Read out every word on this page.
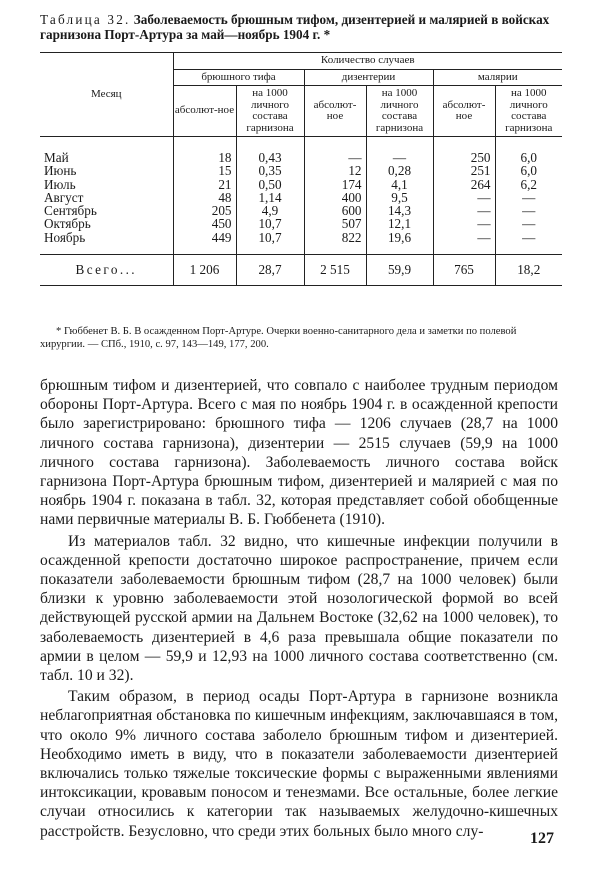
Таблица 32. Заболеваемость брюшным тифом, дизентерией и малярией в войсках гарнизона Порт-Артура за май—ноябрь 1904 г. *
Месяц	Количество случаев					
	брюшного тифа		дизентерии		малярии	
	абсолют-ное	на 1000 личного состава гарнизона	абсолют-ное	на 1000 личного состава гарнизона	абсолют-ное	на 1000 личного состава гарнизона

Май	18	0,43	—	—	250	6,0
Июнь	15	0,35	12	0,28	251	6,0
Июль	21	0,50	174	4,1	264	6,2
Август	48	1,14	400	9,5	—	—
Сентябрь	205	4,9	600	14,3	—	—
Октябрь	450	10,7	507	12,1	—	—
Ноябрь	449	10,7	822	19,6	—	—

Всего...	1 206	28,7	2 515	59,9	765	18,2
* Гюббенет В. Б. В осажденном Порт-Артуре. Очерки военно-санитарного дела и заметки по полевой хирургии. — СПб., 1910, с. 97, 143—149, 177, 200.

брюшным тифом и дизентерией, что совпало с наиболее трудным периодом обороны Порт-Артура. Всего с мая по ноябрь 1904 г. в осажденной крепости было зарегистрировано: брюшного тифа — 1206 случаев (28,7 на 1000 личного состава гарнизона), дизентерии — 2515 случаев (59,9 на 1000 личного состава гарнизона). Заболеваемость личного состава войск гарнизона Порт-Артура брюшным тифом, дизентерией и малярией с мая по ноябрь 1904 г. показана в табл. 32, которая представляет собой обобщенные нами первичные материалы В. Б. Гюббенета (1910).

Из материалов табл. 32 видно, что кишечные инфекции получили в осажденной крепости достаточно широкое распространение, причем если показатели заболеваемости брюшным тифом (28,7 на 1000 человек) были близки к уровню заболеваемости этой нозологической формой во всей действующей русской армии на Дальнем Востоке (32,62 на 1000 человек), то заболеваемость дизентерией в 4,6 раза превышала общие показатели по армии в целом — 59,9 и 12,93 на 1000 личного состава соответственно (см. табл. 10 и 32).

Таким образом, в период осады Порт-Артура в гарнизоне возникла неблагоприятная обстановка по кишечным инфекциям, заключавшаяся в том, что около 9% личного состава заболело брюшным тифом и дизентерией. Необходимо иметь в виду, что в показатели заболеваемости дизентерией включались только тяжелые токсические формы с выраженными явлениями интоксикации, кровавым поносом и тенезмами. Все остальные, более легкие случаи относились к категории так называемых желудочно-кишечных расстройств. Безусловно, что среди этих больных было много слу-	127
